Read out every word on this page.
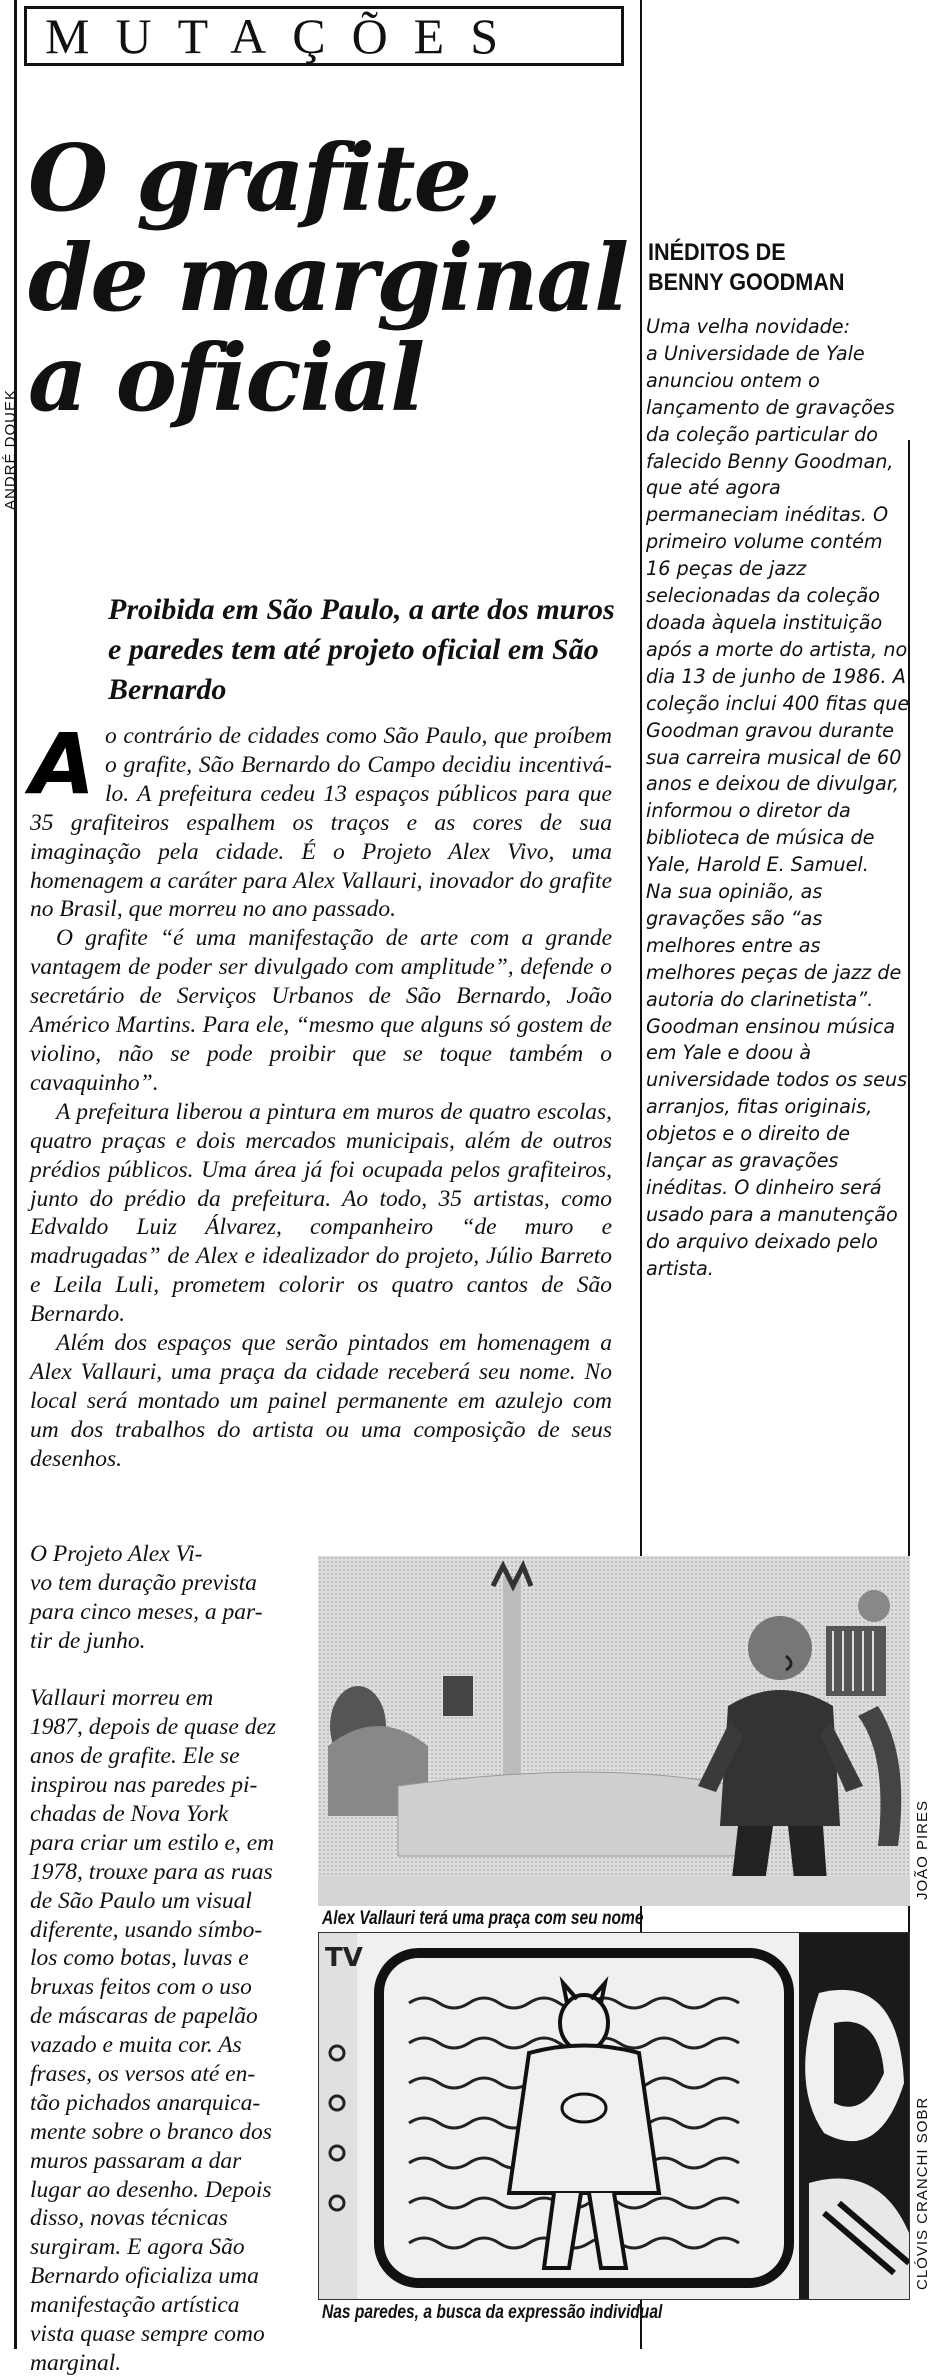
MUTAÇÕES
ANDRÉ DOUEK
O grafite,
de marginal
a oficial
Proibida em São Paulo, a arte dos muros e paredes tem até projeto oficial em São Bernardo

Ao contrário de cidades como São Paulo, que proíbem o grafite, São Bernardo do Campo decidiu incentivá-lo. A prefeitura cedeu 13 espaços públicos para que 35 grafiteiros espalhem os traços e as cores de sua imaginação pela cidade. É o Projeto Alex Vivo, uma homenagem a caráter para Alex Vallauri, inovador do grafite no Brasil, que morreu no ano passado.

O grafite “é uma manifestação de arte com a grande vantagem de poder ser divulgado com amplitude”, defende o secretário de Serviços Urbanos de São Bernardo, João Américo Martins. Para ele, “mesmo que alguns só gostem de violino, não se pode proibir que se toque também o cavaquinho”.

A prefeitura liberou a pintura em muros de quatro escolas, quatro praças e dois mercados municipais, além de outros prédios públicos. Uma área já foi ocupada pelos grafiteiros, junto do prédio da prefeitura. Ao todo, 35 artistas, como Edvaldo Luiz Álvarez, companheiro “de muro e madrugadas” de Alex e idealizador do projeto, Júlio Barreto e Leila Luli, prometem colorir os quatro cantos de São Bernardo.

Além dos espaços que serão pintados em homenagem a Alex Vallauri, uma praça da cidade receberá seu nome. No local será montado um painel permanente em azulejo com um dos trabalhos do artista ou uma composição de seus desenhos.

O Projeto Alex Vi-
vo tem duração prevista
para cinco meses, a par-
tir de junho.
Vallauri morreu em
1987, depois de quase dez
anos de grafite. Ele se
inspirou nas paredes pi-
chadas de Nova York
para criar um estilo e, em
1978, trouxe para as ruas
de São Paulo um visual
diferente, usando símbo-
los como botas, luvas e
bruxas feitos com o uso
de máscaras de papelão
vazado e muita cor. As
frases, os versos até en-
tão pichados anarquica-
mente sobre o branco dos
muros passaram a dar
lugar ao desenho. Depois
disso, novas técnicas
surgiram. E agora São
Bernardo oficializa uma
manifestação artística
vista quase sempre como
marginal.
INÉDITOS DE
BENNY GOODMAN
Uma velha novidade:
a Universidade de Yale
anunciou ontem o
lançamento de gravações
da coleção particular do
falecido Benny Goodman,
que até agora
permaneciam inéditas. O
primeiro volume contém
16 peças de jazz
selecionadas da coleção
doada àquela instituição
após a morte do artista, no
dia 13 de junho de 1986. A
coleção inclui 400 fitas que
Goodman gravou durante
sua carreira musical de 60
anos e deixou de divulgar,
informou o diretor da
biblioteca de música de
Yale, Harold E. Samuel.
Na sua opinião, as
gravações são “as
melhores entre as
melhores peças de jazz de
autoria do clarinetista”.
Goodman ensinou música
em Yale e doou à
universidade todos os seus
arranjos, fitas originais,
objetos e o direito de
lançar as gravações
inéditas. O dinheiro será
usado para a manutenção
do arquivo deixado pelo
artista.
Alex Vallauri terá uma praça com seu nome
JOÃO PIRES
TV
Nas paredes, a busca da expressão individual
CLÓVIS CRANCHI SOBR
